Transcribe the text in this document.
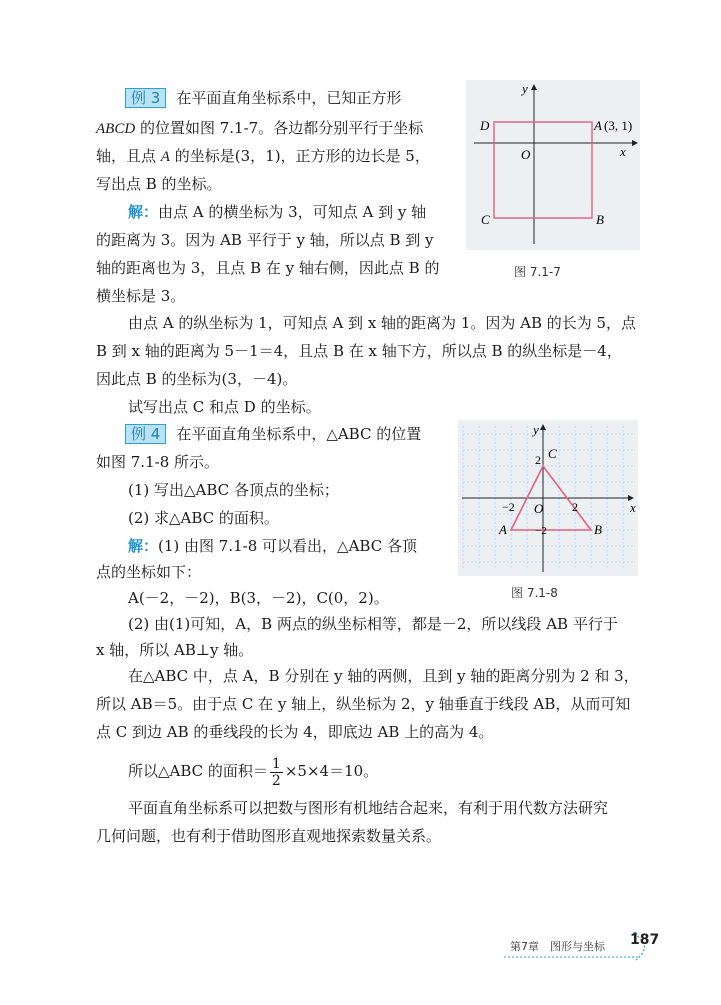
例 3 在平面直角坐标系中，已知正方形
ABCD 的位置如图 7.1-7。各边都分别平行于坐标
轴，且点 A 的坐标是(3，1)，正方形的边长是 5，
写出点 B 的坐标。
解：由点 A 的横坐标为 3，可知点 A 到 y 轴
的距离为 3。因为 AB 平行于 y 轴，所以点 B 到 y
轴的距离也为 3，且点 B 在 y 轴右侧，因此点 B 的
横坐标是 3。
由点 A 的纵坐标为 1，可知点 A 到 x 轴的距离为 1。因为 AB 的长为 5，点
B 到 x 轴的距离为 5－1＝4，且点 B 在 x 轴下方，所以点 B 的纵坐标是－4，
因此点 B 的坐标为(3，－4)。
试写出点 C 和点 D 的坐标。
y
x
O
A (3, 1)
B
C
D
图 7.1-7
例 4 在平面直角坐标系中，△ABC 的位置
如图 7.1-8 所示。
(1) 写出△ABC 各顶点的坐标；
(2) 求△ABC 的面积。
解：(1) 由图 7.1-8 可以看出，△ABC 各顶
点的坐标如下：
A(－2，－2)，B(3，－2)，C(0，2)。
(2) 由(1)可知，A，B 两点的纵坐标相等，都是－2，所以线段 AB 平行于
x 轴，所以 AB⊥y 轴。
在△ABC 中，点 A，B 分别在 y 轴的两侧，且到 y 轴的距离分别为 2 和 3，
所以 AB＝5。由于点 C 在 y 轴上，纵坐标为 2，y 轴垂直于线段 AB，从而可知
点 C 到边 AB 的垂线段的长为 4，即底边 AB 上的高为 4。
所以△ABC 的面积＝ $\frac{1}{2} \times 5\times 4=10$。
平面直角坐标系可以把数与图形有机地结合起来，有利于用代数方法研究
几何问题，也有利于借助图形直观地探索数量关系。
y
x
O
A	B
C
2
−2
−2
2
图 7.1-8
第7章　图形与坐标 187
